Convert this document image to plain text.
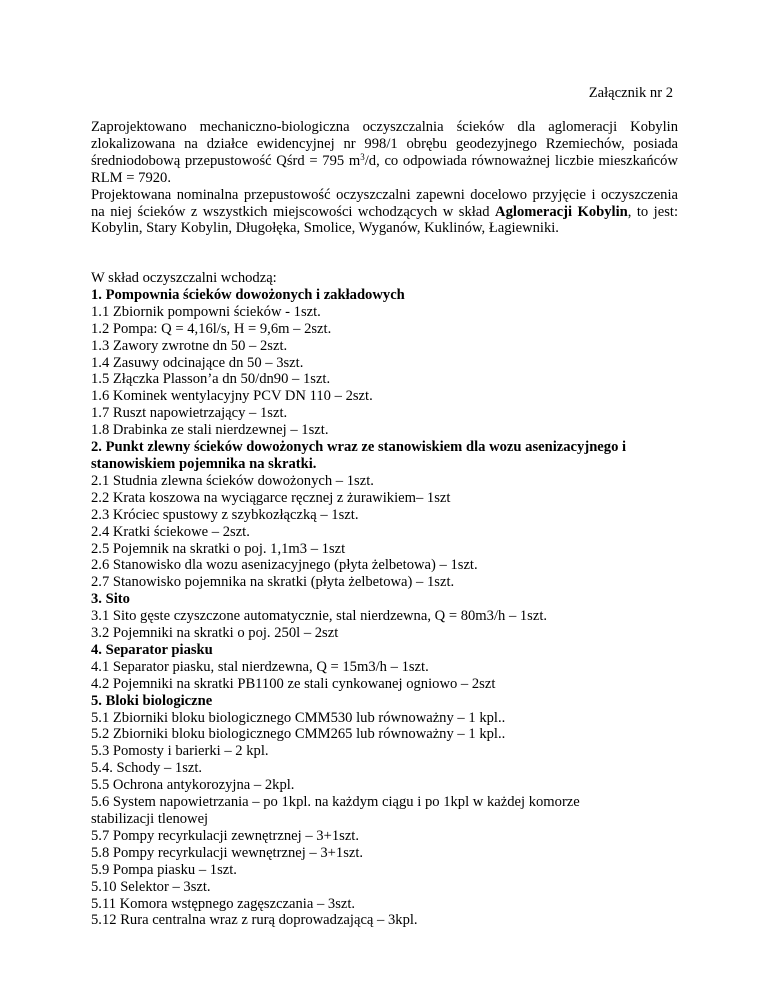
Załącznik nr 2

Zaprojektowano mechaniczno-biologiczna oczyszczalnia ścieków dla aglomeracji Kobylin zlokalizowana na działce ewidencyjnej nr 998/1 obrębu geodezyjnego Rzemiechów, posiada średniodobową przepustowość Qśrd = 795 $m^3/d$, co odpowiada równoważnej liczbie mieszkańców RLM = 7920.

Projektowana nominalna przepustowość oczyszczalni zapewni docelowo przyjęcie i oczyszczenia na niej ścieków z wszystkich miejscowości wchodzących w skład Aglomeracji Kobylin, to jest: Kobylin, Stary Kobylin, Długołęka, Smolice, Wyganów, Kuklinów, Łagiewniki.

W skład oczyszczalni wchodzą:
1. Pompownia ścieków dowożonych i zakładowych
1.1 Zbiornik pompowni ścieków - 1szt.
1.2 Pompa: Q = 4,16l/s, H = 9,6m – 2szt.
1.3 Zawory zwrotne dn 50 – 2szt.
1.4 Zasuwy odcinające dn 50 – 3szt.
1.5 Złączka Plasson’a dn 50/dn90 – 1szt.
1.6 Kominek wentylacyjny PCV DN 110 – 2szt.
1.7 Ruszt napowietrzający – 1szt.
1.8 Drabinka ze stali nierdzewnej – 1szt.
2. Punkt zlewny ścieków dowożonych wraz ze stanowiskiem dla wozu asenizacyjnego i stanowiskiem pojemnika na skratki.
2.1 Studnia zlewna ścieków dowożonych – 1szt.
2.2 Krata koszowa na wyciągarce ręcznej z żurawikiem– 1szt
2.3 Króciec spustowy z szybkozłączką – 1szt.
2.4 Kratki ściekowe – 2szt.
2.5 Pojemnik na skratki o poj. 1,1m3 – 1szt
2.6 Stanowisko dla wozu asenizacyjnego (płyta żelbetowa) – 1szt.
2.7 Stanowisko pojemnika na skratki (płyta żelbetowa) – 1szt.
3. Sito
3.1 Sito gęste czyszczone automatycznie, stal nierdzewna, Q = 80m3/h – 1szt.
3.2 Pojemniki na skratki o poj. 250l – 2szt
4. Separator piasku
4.1 Separator piasku, stal nierdzewna, Q = 15m3/h – 1szt.
4.2 Pojemniki na skratki PB1100 ze stali cynkowanej ogniowo – 2szt
5. Bloki biologiczne
5.1 Zbiorniki bloku biologicznego CMM530 lub równoważny – 1 kpl..
5.2 Zbiorniki bloku biologicznego CMM265 lub równoważny – 1 kpl..
5.3 Pomosty i barierki – 2 kpl.
5.4. Schody – 1szt.
5.5 Ochrona antykorozyjna – 2kpl.
5.6 System napowietrzania – po 1kpl. na każdym ciągu i po 1kpl w każdej komorze stabilizacji tlenowej
5.7 Pompy recyrkulacji zewnętrznej – 3+1szt.
5.8 Pompy recyrkulacji wewnętrznej – 3+1szt.
5.9 Pompa piasku – 1szt.
5.10 Selektor – 3szt.
5.11 Komora wstępnego zagęszczania – 3szt.
5.12 Rura centralna wraz z rurą doprowadzającą – 3kpl.
